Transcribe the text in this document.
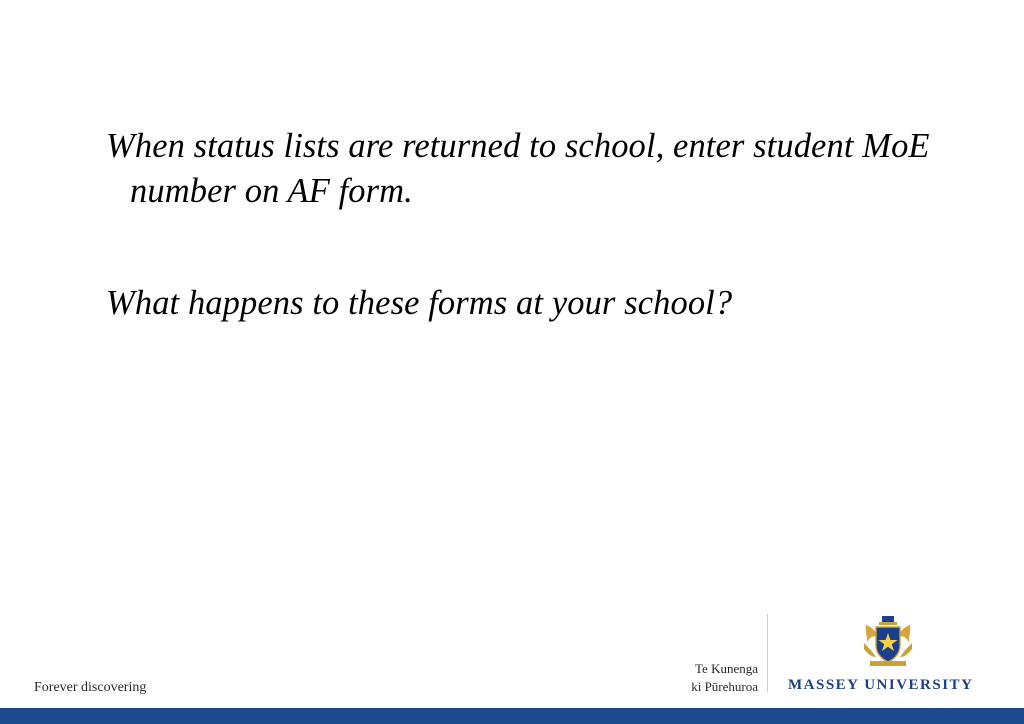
When status lists are returned to school, enter student MoE number on AF form.

What happens to these forms at your school?

Forever discovering
Te Kunenga
ki Pūrehuroa MASSEY UNIVERSITY
